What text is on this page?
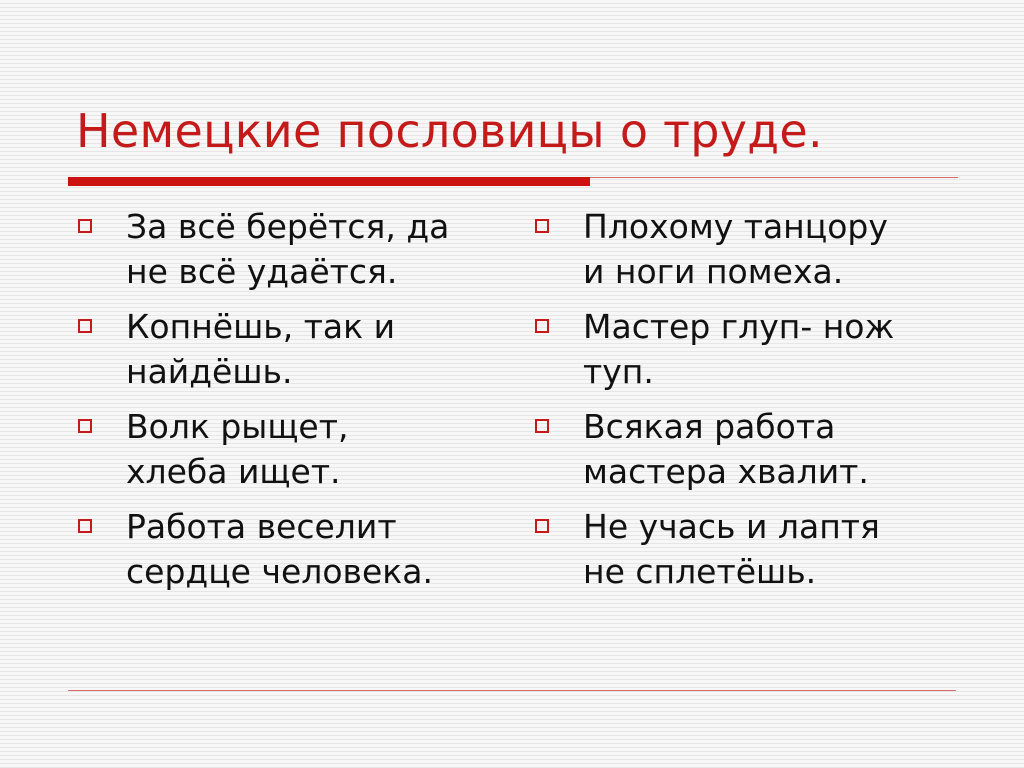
Немецкие пословицы о труде.
За всё берётся, да
не всё удаётся.
Копнёшь, так и
найдёшь.
Волк рыщет,
хлеба ищет.
Работа веселит
сердце человека.
Плохому танцору
и ноги помеха.
Мастер глуп- нож
туп.
Всякая работа
мастера хвалит.
Не учась и лаптя
не сплетёшь.
